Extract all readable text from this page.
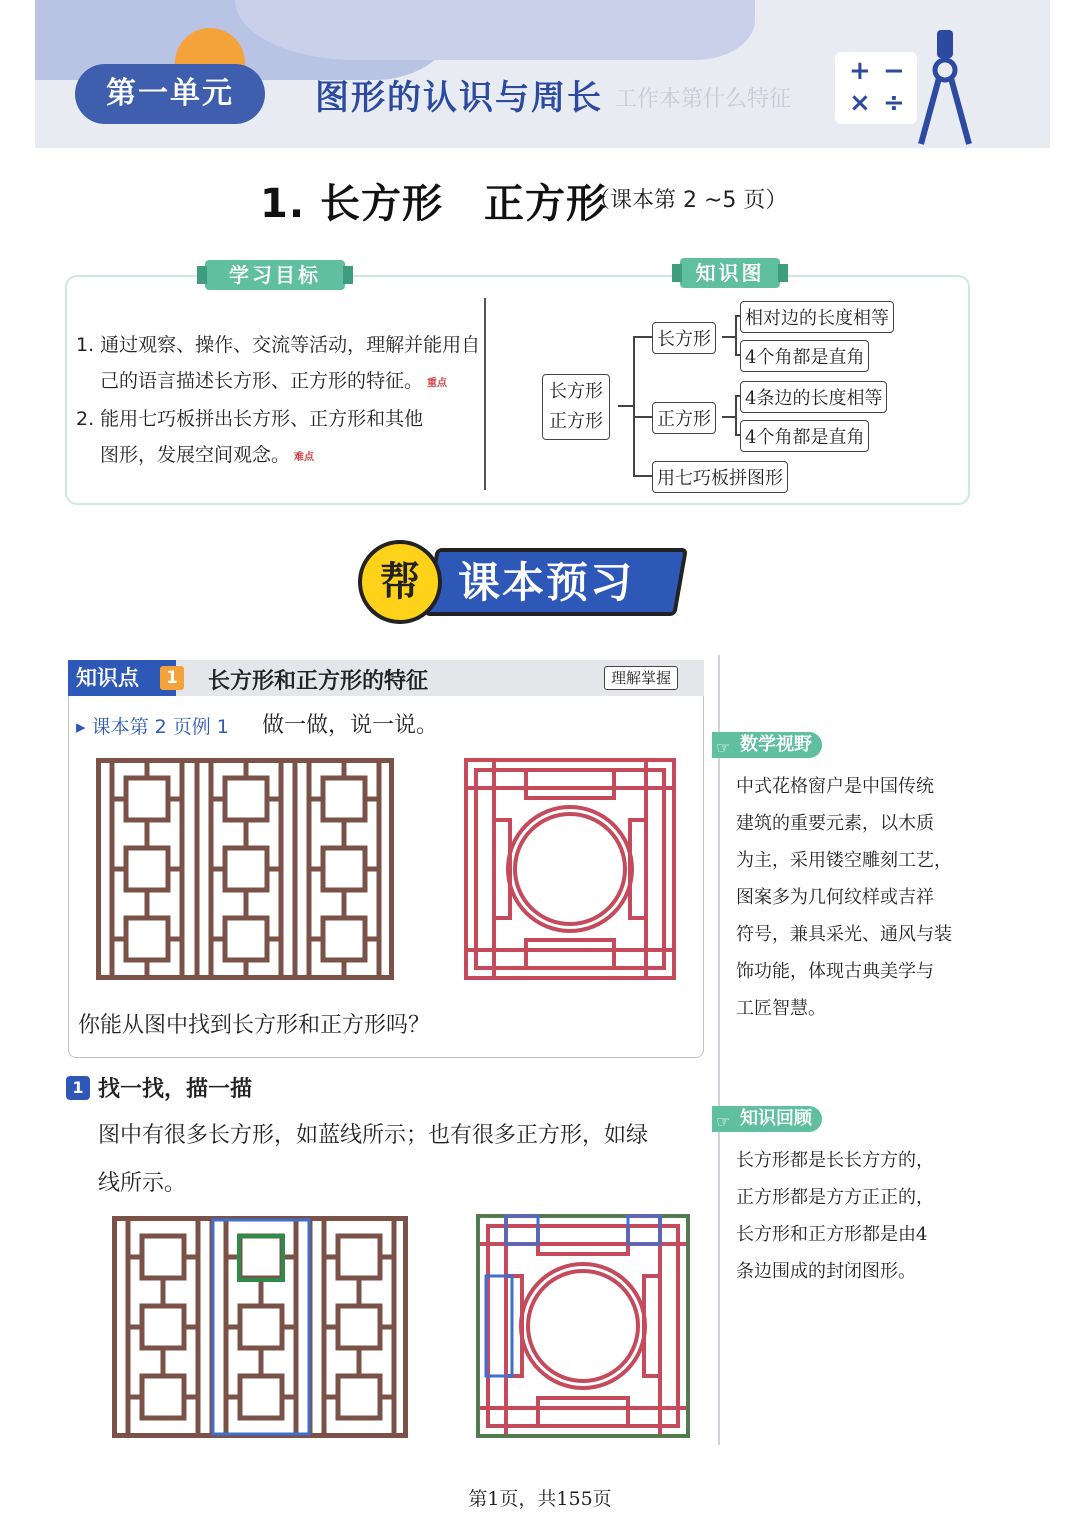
第一单元	图形的认识与周长 工作本第什么特征
+ −
× ÷
1. 长方形　正方形
（课本第 2 ~5 页）
学习目标	知识图
1. 通过观察、操作、交流等活动，理解并能用自
己的语言描述长方形、正方形的特征。 重点
2. 能用七巧板拼出长方形、正方形和其他
图形，发展空间观念。 难点
长方形
正方形
长方形
相对边的长度相等
4个角都是直角
正方形
4条边的长度相等
4个角都是直角
用七巧板拼图形
课本预习
帮
知识点	1 长方形和正方形的特征	理解掌握
▸ 课本第 2 页例 1 做一做，说一说。
你能从图中找到长方形和正方形吗？
1 找一找，描一描
图中有很多长方形，如蓝线所示；也有很多正方形，如绿
线所示。
☞ 数学视野
中式花格窗户是中国传统
建筑的重要元素，以木质
为主，采用镂空雕刻工艺，
图案多为几何纹样或吉祥
符号，兼具采光、通风与装
饰功能，体现古典美学与
工匠智慧。
☞ 知识回顾
长方形都是长长方方的，
正方形都是方方正正的，
长方形和正方形都是由4
条边围成的封闭图形。
第1页，共155页
